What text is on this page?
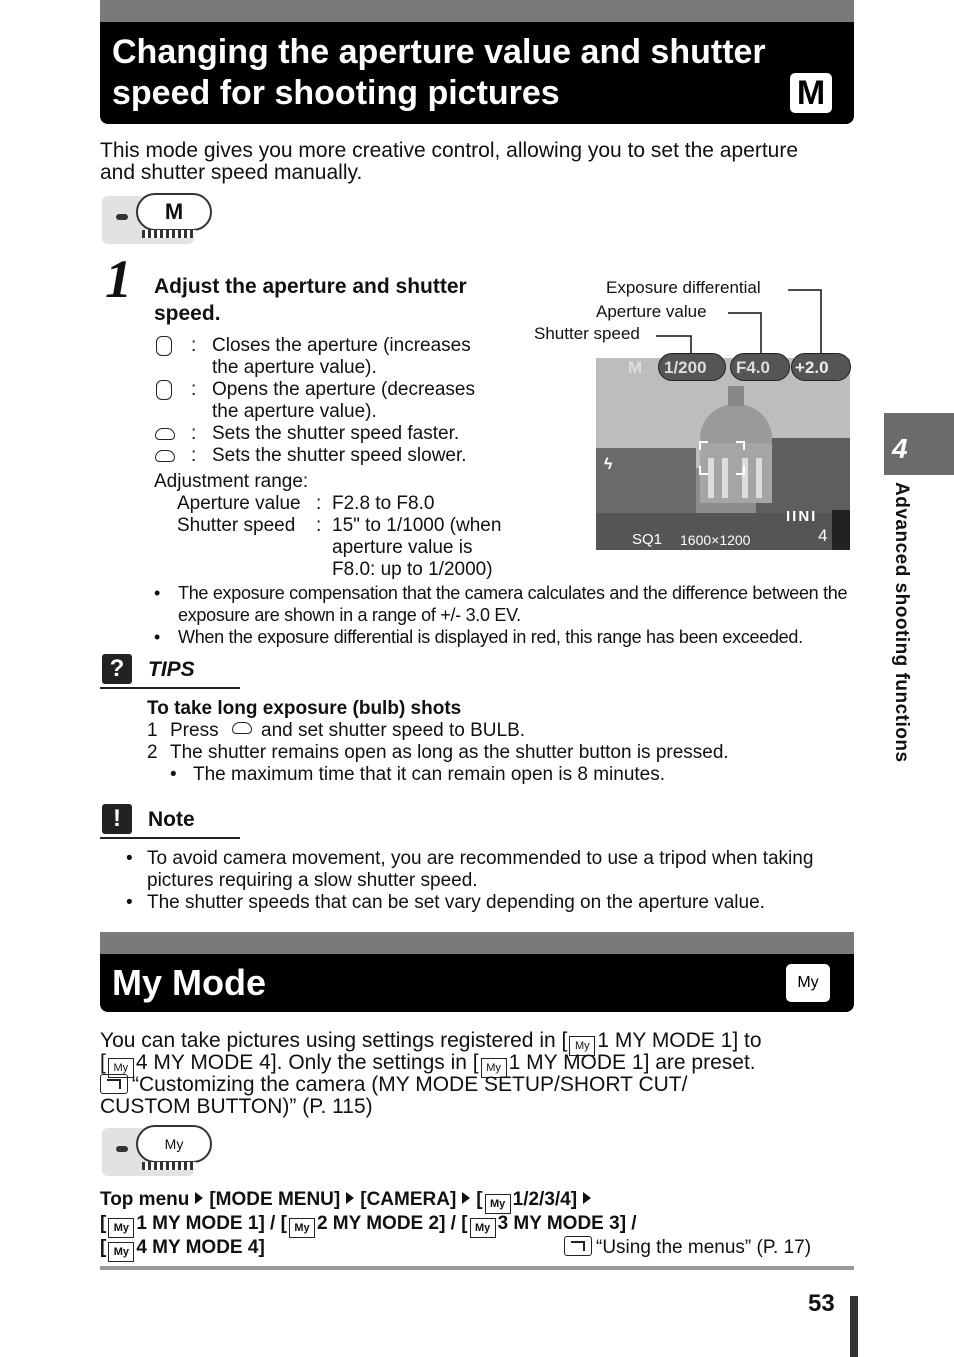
Changing the aperture value and shutter
speed for shooting pictures	M
This mode gives you more creative control, allowing you to set the aperture
and shutter speed manually.
M
1 Adjust the aperture and shutter
speed.
: Closes the aperture (increases
the aperture value).
: Opens the aperture (decreases
the aperture value).
: Sets the shutter speed faster.
: Sets the shutter speed slower.
Adjustment range:
Aperture value : F2.8 to F8.0
Shutter speed : 15" to 1/1000 (when
aperture value is
F8.0: up to 1/2000)
Exposure differential
Aperture value
Shutter speed
M 1/200 F4.0 +2.0
ϟ
IINI
SQ1 1600×1200	4
• The exposure compensation that the camera calculates and the difference between the
exposure are shown in a range of +/- 3.0 EV.
• When the exposure differential is displayed in red, this range has been exceeded.
?	TIPS
To take long exposure (bulb) shots
1 Press and set shutter speed to BULB.
2 The shutter remains open as long as the shutter button is pressed.
• The maximum time that it can remain open is 8 minutes.
!	Note
• To avoid camera movement, you are recommended to use a tripod when taking
pictures requiring a slow shutter speed.
• The shutter speeds that can be set vary depending on the aperture value.
My Mode	My
You can take pictures using settings registered in [ My 1 MY MODE 1] to
[ My 4 MY MODE 4]. Only the settings in [ My 1 MY MODE 1] are preset.
“Customizing the camera (MY MODE SETUP/SHORT CUT/
CUSTOM BUTTON)” (P. 115)
My
Top menu [MODE MENU] [CAMERA] [ My 1/2/3/4]
[ My 1 MY MODE 1] / [ My 2 MY MODE 2] / [ My 3 MY MODE 3] /
[ My 4 MY MODE 4]	“Using the menus” (P. 17)
4
Advanced shooting functions
53
